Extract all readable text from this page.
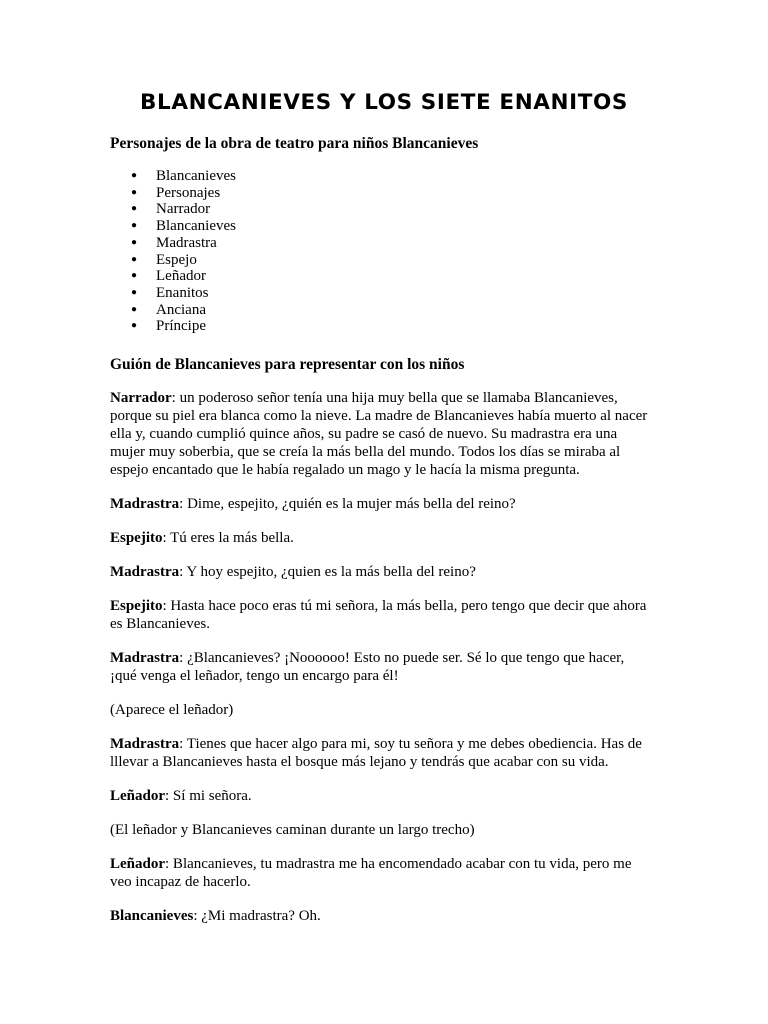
BLANCANIEVES Y LOS SIETE ENANITOS
Personajes de la obra de teatro para niños Blancanieves
● Blancanieves
● Personajes
● Narrador
● Blancanieves
● Madrastra
● Espejo
● Leñador
● Enanitos
● Anciana
● Príncipe
Guión de Blancanieves para representar con los niños

Narrador: un poderoso señor tenía una hija muy bella que se llamaba Blancanieves, porque su piel era blanca como la nieve. La madre de Blancanieves había muerto al nacer ella y, cuando cumplió quince años, su padre se casó de nuevo. Su madrastra era una mujer muy soberbia, que se creía la más bella del mundo. Todos los días se miraba al espejo encantado que le había regalado un mago y le hacía la misma pregunta.

Madrastra: Dime, espejito, ¿quién es la mujer más bella del reino?

Espejito: Tú eres la más bella.

Madrastra: Y hoy espejito, ¿quien es la más bella del reino?

Espejito: Hasta hace poco eras tú mi señora, la más bella, pero tengo que decir que ahora es Blancanieves.

Madrastra: ¿Blancanieves? ¡Noooooo! Esto no puede ser. Sé lo que tengo que hacer, ¡qué venga el leñador, tengo un encargo para él!

(Aparece el leñador)

Madrastra: Tienes que hacer algo para mi, soy tu señora y me debes obediencia. Has de lllevar a Blancanieves hasta el bosque más lejano y tendrás que acabar con su vida.

Leñador: Sí mi señora.

(El leñador y Blancanieves caminan durante un largo trecho)

Leñador: Blancanieves, tu madrastra me ha encomendado acabar con tu vida, pero me veo incapaz de hacerlo.

Blancanieves: ¿Mi madrastra? Oh.
